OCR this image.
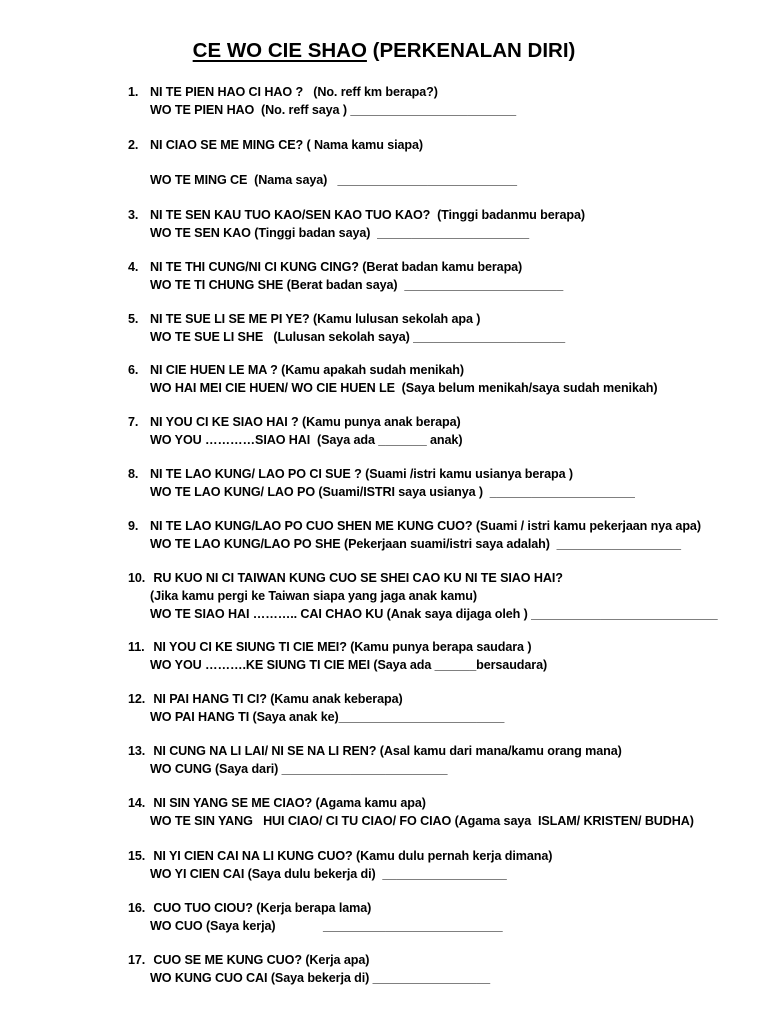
CE WO CIE SHAO (PERKENALAN DIRI)
1. NI TE PIEN HAO CI HAO ?   (No. reff km berapa?)
WO TE PIEN HAO  (No. reff saya ) ________________________
2. NI CIAO SE ME MING CE? ( Nama kamu siapa)
WO TE MING CE  (Nama saya)   __________________________
3. NI TE SEN KAU TUO KAO/SEN KAO TUO KAO?  (Tinggi badanmu berapa)
WO TE SEN KAO (Tinggi badan saya)  ______________________
4. NI TE THI CUNG/NI CI KUNG CING? (Berat badan kamu berapa)
WO TE TI CHUNG SHE (Berat badan saya)  _______________________
5. NI TE SUE LI SE ME PI YE? (Kamu lulusan sekolah apa )
WO TE SUE LI SHE   (Lulusan sekolah saya) ______________________
6. NI CIE HUEN LE MA ? (Kamu apakah sudah menikah)
WO HAI MEI CIE HUEN/ WO CIE HUEN LE  (Saya belum menikah/saya sudah menikah)
7. NI YOU CI KE SIAO HAI ? (Kamu punya anak berapa)
WO YOU …………SIAO HAI  (Saya ada _______ anak)
8. NI TE LAO KUNG/ LAO PO CI SUE ? (Suami /istri kamu usianya berapa )
WO TE LAO KUNG/ LAO PO (Suami/ISTRI saya usianya )  _____________________
9. NI TE LAO KUNG/LAO PO CUO SHEN ME KUNG CUO? (Suami / istri kamu pekerjaan nya apa)
WO TE LAO KUNG/LAO PO SHE (Pekerjaan suami/istri saya adalah)  __________________
10. RU KUO NI CI TAIWAN KUNG CUO SE SHEI CAO KU NI TE SIAO HAI?
(Jika kamu pergi ke Taiwan siapa yang jaga anak kamu)
WO TE SIAO HAI ……….. CAI CHAO KU (Anak saya dijaga oleh ) ___________________________
11. NI YOU CI KE SIUNG TI CIE MEI? (Kamu punya berapa saudara )
WO YOU ……….KE SIUNG TI CIE MEI (Saya ada ______bersaudara)
12. NI PAI HANG TI CI? (Kamu anak keberapa)
WO PAI HANG TI (Saya anak ke)________________________
13. NI CUNG NA LI LAI/ NI SE NA LI REN? (Asal kamu dari mana/kamu orang mana)
WO CUNG (Saya dari) ________________________
14. NI SIN YANG SE ME CIAO? (Agama kamu apa)
WO TE SIN YANG   HUI CIAO/ CI TU CIAO/ FO CIAO (Agama saya  ISLAM/ KRISTEN/ BUDHA)
15. NI YI CIEN CAI NA LI KUNG CUO? (Kamu dulu pernah kerja dimana)
WO YI CIEN CAI (Saya dulu bekerja di)  __________________
16. CUO TUO CIOU? (Kerja berapa lama)
WO CUO (Saya kerja)              __________________________
17. CUO SE ME KUNG CUO? (Kerja apa)
WO KUNG CUO CAI (Saya bekerja di) _________________
